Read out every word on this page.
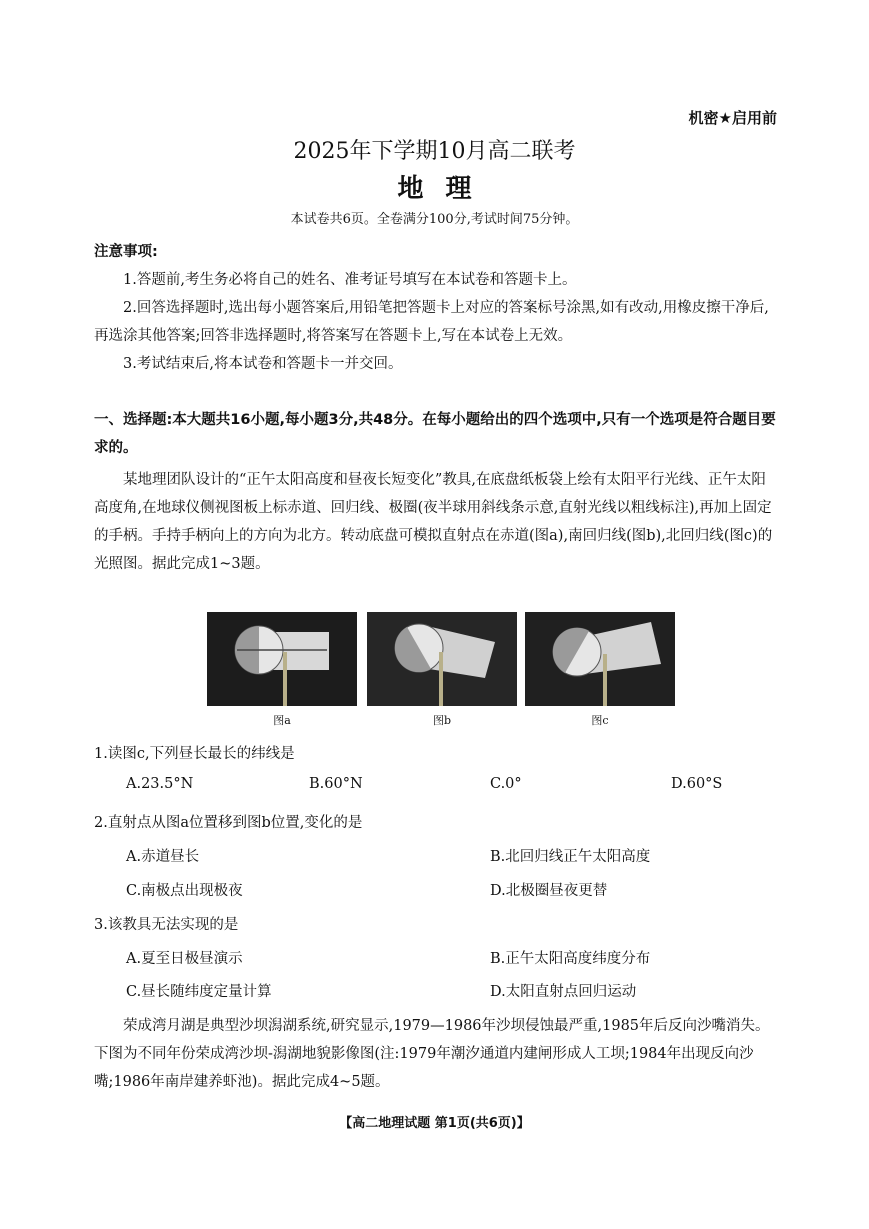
机密★启用前
2025年下学期10月高二联考
地理
本试卷共6页。全卷满分100分,考试时间75分钟。
注意事项:
1.答题前,考生务必将自己的姓名、准考证号填写在本试卷和答题卡上。
2.回答选择题时,选出每小题答案后,用铅笔把答题卡上对应的答案标号涂黑,如有改动,用橡皮擦干净后,再选涂其他答案;回答非选择题时,将答案写在答题卡上,写在本试卷上无效。
3.考试结束后,将本试卷和答题卡一并交回。
一、选择题:本大题共16小题,每小题3分,共48分。在每小题给出的四个选项中,只有一个选项是符合题目要求的。
某地理团队设计的“正午太阳高度和昼夜长短变化”教具,在底盘纸板袋上绘有太阳平行光线、正午太阳高度角,在地球仪侧视图板上标赤道、回归线、极圈(夜半球用斜线条示意,直射光线以粗线标注),再加上固定的手柄。手持手柄向上的方向为北方。转动底盘可模拟直射点在赤道(图a),南回归线(图b),北回归线(图c)的光照图。据此完成1~3题。
图a	图b	图c
1.读图c,下列昼长最长的纬线是
A.23.5°N	B.60°N	C.0°	D.60°S
2.直射点从图a位置移到图b位置,变化的是
A.赤道昼长	B.北回归线正午太阳高度
C.南极点出现极夜	D.北极圈昼夜更替
3.该教具无法实现的是
A.夏至日极昼演示	B.正午太阳高度纬度分布
C.昼长随纬度定量计算	D.太阳直射点回归运动
荣成湾月湖是典型沙坝潟湖系统,研究显示,1979—1986年沙坝侵蚀最严重,1985年后反向沙嘴消失。下图为不同年份荣成湾沙坝-潟湖地貌影像图(注:1979年潮汐通道内建闸形成人工坝;1984年出现反向沙嘴;1986年南岸建养虾池)。据此完成4~5题。
【高二地理试题 第1页(共6页)】
